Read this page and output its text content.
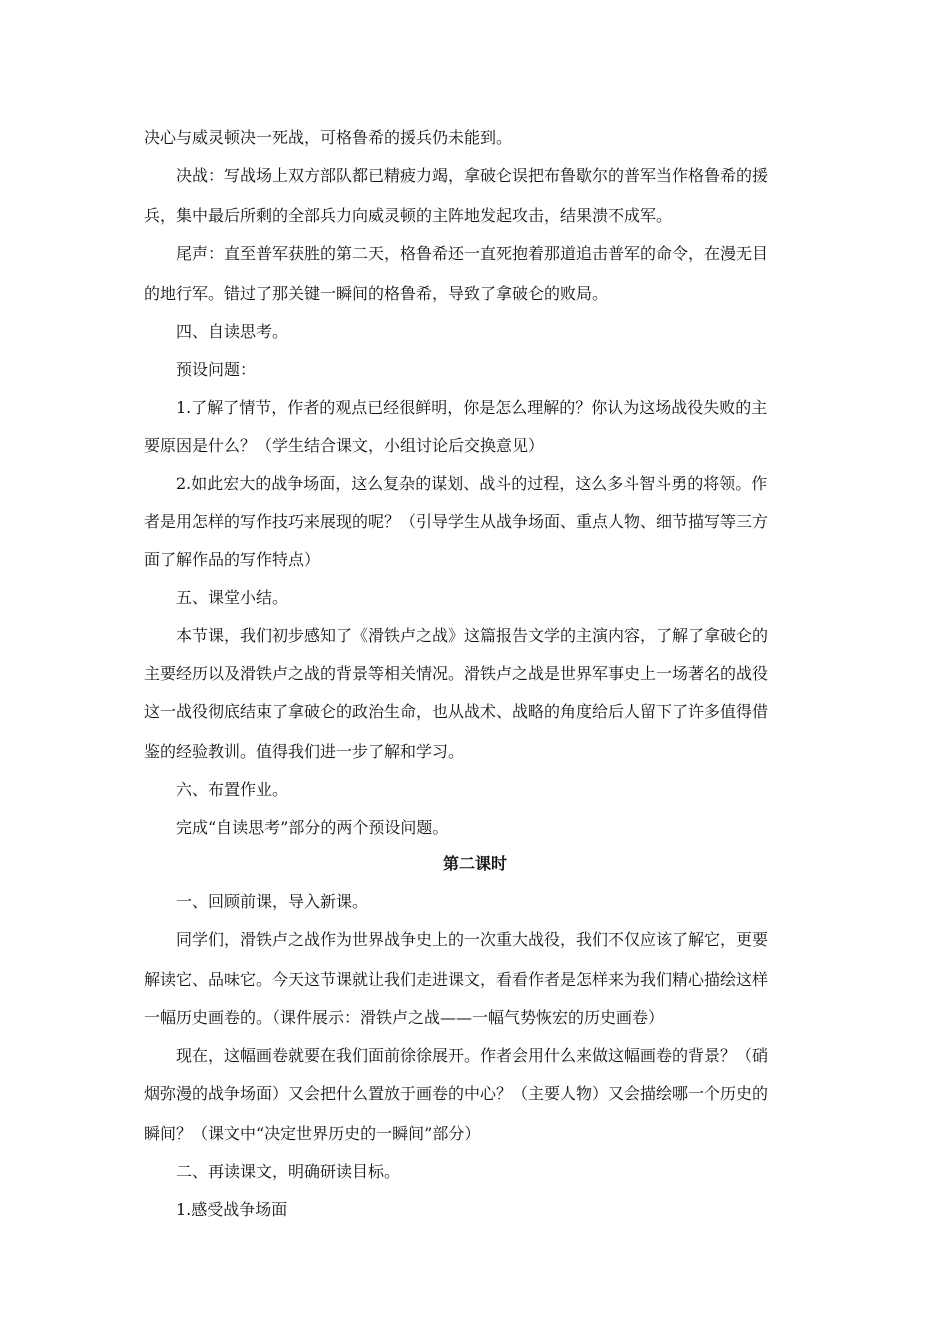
决心与威灵顿决一死战，可格鲁希的援兵仍未能到。
决战：写战场上双方部队都已精疲力竭，拿破仑误把布鲁歇尔的普军当作格鲁希的援
兵，集中最后所剩的全部兵力向威灵顿的主阵地发起攻击，结果溃不成军。
尾声：直至普军获胜的第二天，格鲁希还一直死抱着那道追击普军的命令，在漫无目
的地行军。错过了那关键一瞬间的格鲁希，导致了拿破仑的败局。
四、自读思考。
预设问题：
1.了解了情节，作者的观点已经很鲜明，你是怎么理解的？你认为这场战役失败的主
要原因是什么？（学生结合课文，小组讨论后交换意见）
2.如此宏大的战争场面，这么复杂的谋划、战斗的过程，这么多斗智斗勇的将领。作
者是用怎样的写作技巧来展现的呢？（引导学生从战争场面、重点人物、细节描写等三方
面了解作品的写作特点）
五、课堂小结。
本节课，我们初步感知了《滑铁卢之战》这篇报告文学的主演内容，了解了拿破仑的
主要经历以及滑铁卢之战的背景等相关情况。滑铁卢之战是世界军事史上一场著名的战役
这一战役彻底结束了拿破仑的政治生命，也从战术、战略的角度给后人留下了许多值得借
鉴的经验教训。值得我们进一步了解和学习。
六、布置作业。
完成“自读思考”部分的两个预设问题。
第二课时
一、回顾前课，导入新课。
同学们，滑铁卢之战作为世界战争史上的一次重大战役，我们不仅应该了解它，更要
解读它、品味它。今天这节课就让我们走进课文，看看作者是怎样来为我们精心描绘这样
一幅历史画卷的。（课件展示：滑铁卢之战——一幅气势恢宏的历史画卷）
现在，这幅画卷就要在我们面前徐徐展开。作者会用什么来做这幅画卷的背景？（硝
烟弥漫的战争场面）又会把什么置放于画卷的中心？（主要人物）又会描绘哪一个历史的
瞬间？（课文中“决定世界历史的一瞬间”部分）
二、再读课文，明确研读目标。
1.感受战争场面
